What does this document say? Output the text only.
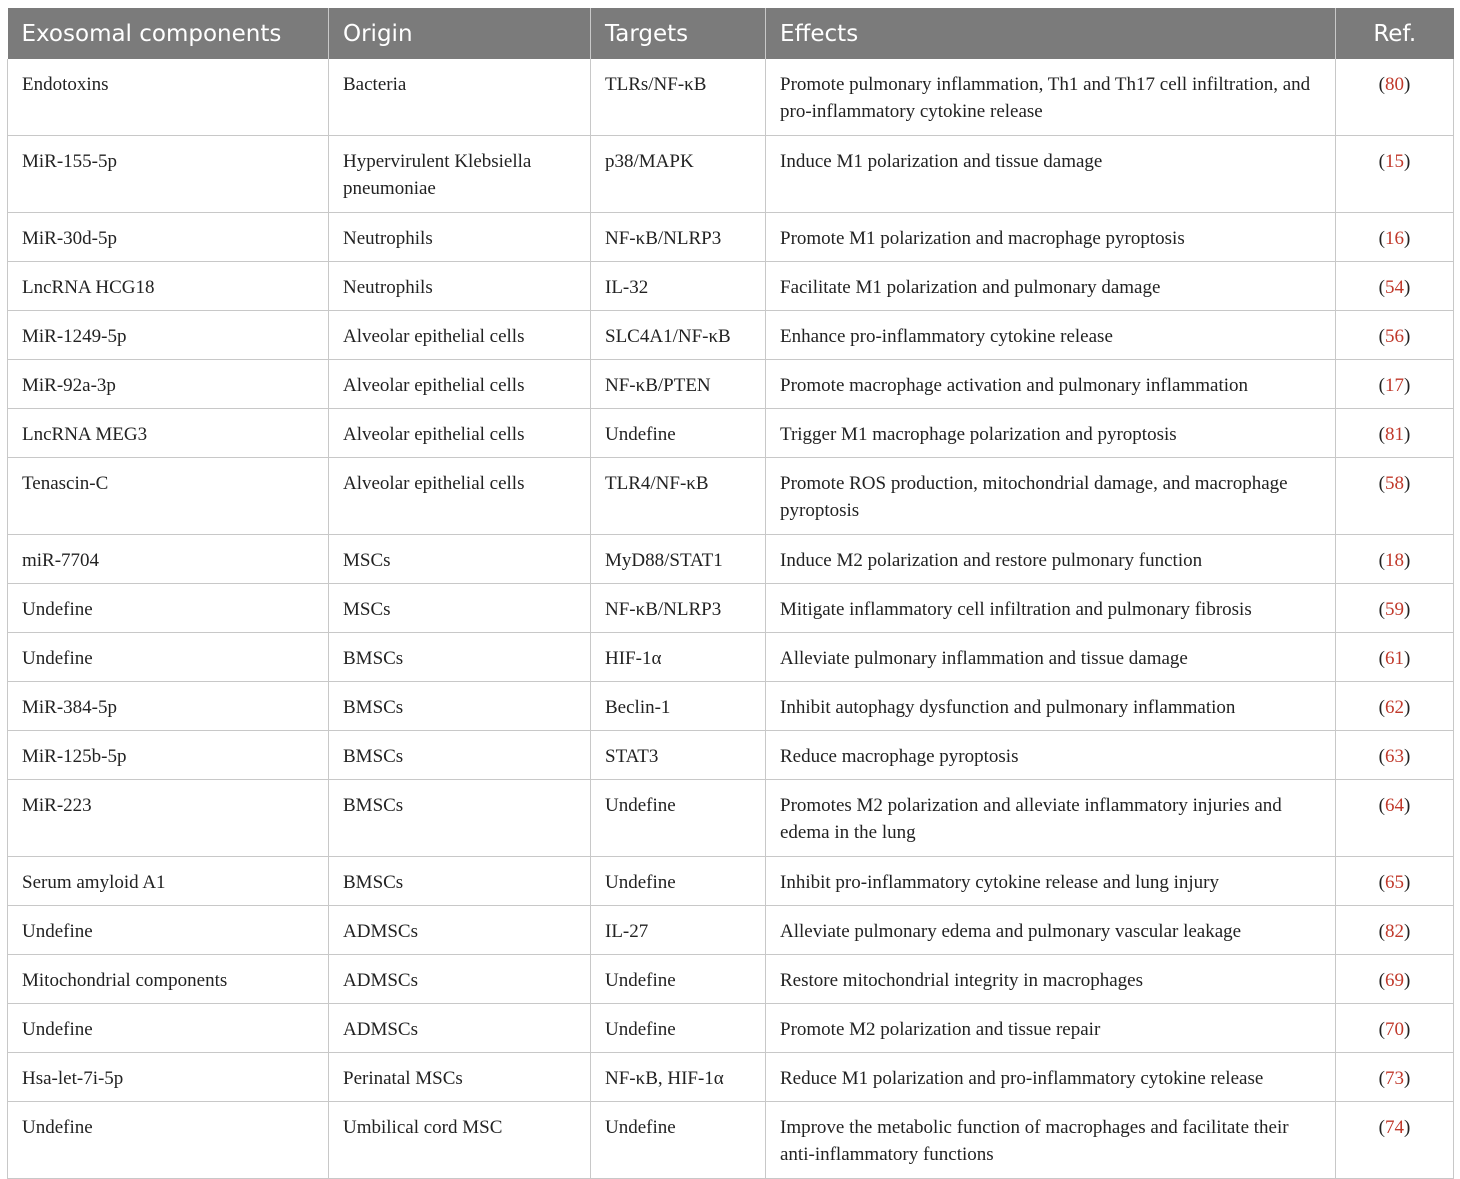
Exosomal components	Origin	Targets	Effects	Ref.
Endotoxins	Bacteria	TLRs/NF-κB	Promote pulmonary inflammation, Th1 and Th17 cell infiltration, and pro-inflammatory cytokine release	(80)
MiR-155-5p	Hypervirulent Klebsiella pneumoniae	p38/MAPK	Induce M1 polarization and tissue damage	(15)
MiR-30d-5p	Neutrophils	NF-κB/NLRP3	Promote M1 polarization and macrophage pyroptosis	(16)
LncRNA HCG18	Neutrophils	IL-32	Facilitate M1 polarization and pulmonary damage	(54)
MiR-1249-5p	Alveolar epithelial cells	SLC4A1/NF-κB	Enhance pro-inflammatory cytokine release	(56)
MiR-92a-3p	Alveolar epithelial cells	NF-κB/PTEN	Promote macrophage activation and pulmonary inflammation	(17)
LncRNA MEG3	Alveolar epithelial cells	Undefine	Trigger M1 macrophage polarization and pyroptosis	(81)
Tenascin-C	Alveolar epithelial cells	TLR4/NF-κB	Promote ROS production, mitochondrial damage, and macrophage pyroptosis	(58)
miR-7704	MSCs	MyD88/STAT1	Induce M2 polarization and restore pulmonary function	(18)
Undefine	MSCs	NF-κB/NLRP3	Mitigate inflammatory cell infiltration and pulmonary fibrosis	(59)
Undefine	BMSCs	HIF-1α	Alleviate pulmonary inflammation and tissue damage	(61)
MiR-384-5p	BMSCs	Beclin-1	Inhibit autophagy dysfunction and pulmonary inflammation	(62)
MiR-125b-5p	BMSCs	STAT3	Reduce macrophage pyroptosis	(63)
MiR-223	BMSCs	Undefine	Promotes M2 polarization and alleviate inflammatory injuries and edema in the lung	(64)
Serum amyloid A1	BMSCs	Undefine	Inhibit pro-inflammatory cytokine release and lung injury	(65)
Undefine	ADMSCs	IL-27	Alleviate pulmonary edema and pulmonary vascular leakage	(82)
Mitochondrial components	ADMSCs	Undefine	Restore mitochondrial integrity in macrophages	(69)
Undefine	ADMSCs	Undefine	Promote M2 polarization and tissue repair	(70)
Hsa-let-7i-5p	Perinatal MSCs	NF-κB, HIF-1α	Reduce M1 polarization and pro-inflammatory cytokine release	(73)
Undefine	Umbilical cord MSC	Undefine	Improve the metabolic function of macrophages and facilitate their anti-inflammatory functions	(74)
